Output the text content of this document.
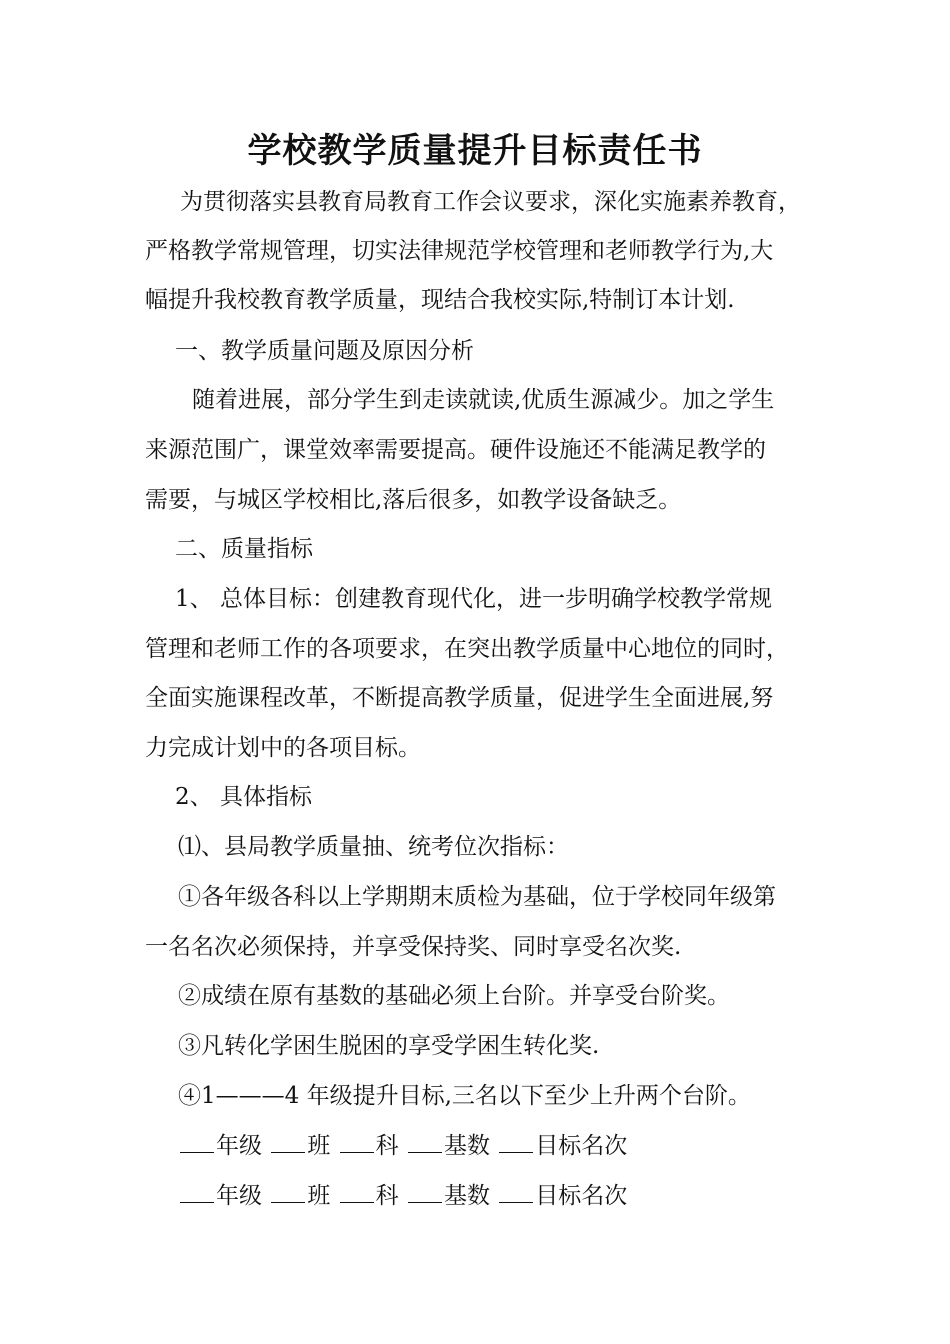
学校教学质量提升目标责任书

为贯彻落实县教育局教育工作会议要求，深化实施素养教育，

严格教学常规管理，切实法律规范学校管理和老师教学行为,大

幅提升我校教育教学质量，现结合我校实际,特制订本计划.

一、教学质量问题及原因分析

随着进展，部分学生到走读就读,优质生源减少。加之学生

来源范围广，课堂效率需要提高。硬件设施还不能满足教学的

需要，与城区学校相比,落后很多，如教学设备缺乏。

二、质量指标

1、 总体目标：创建教育现代化，进一步明确学校教学常规

管理和老师工作的各项要求，在突出教学质量中心地位的同时，

全面实施课程改革，不断提高教学质量，促进学生全面进展,努

力完成计划中的各项目标。

2、 具体指标

⑴、县局教学质量抽、统考位次指标：

①各年级各科以上学期期末质检为基础，位于学校同年级第

一名名次必须保持，并享受保持奖、同时享受名次奖.

②成绩在原有基数的基础必须上台阶。并享受台阶奖。

③凡转化学困生脱困的享受学困生转化奖.

④1———4 年级提升目标,三名以下至少上升两个台阶。

年级 班 科 基数 目标名次
年级 班 科 基数 目标名次
